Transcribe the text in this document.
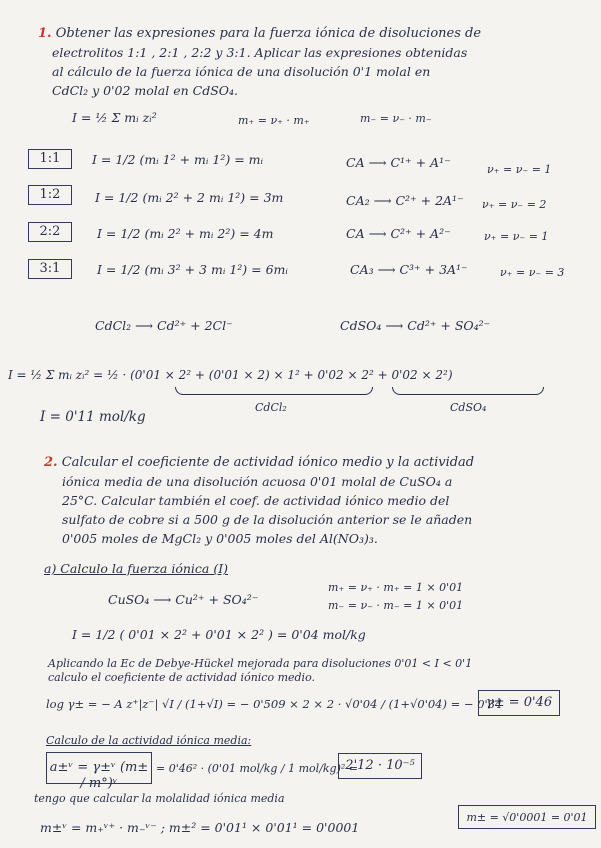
1. Obtener las expresiones para la fuerza iónica de disoluciones de
electrolitos 1:1 , 2:1 , 2:2 y 3:1. Aplicar las expresiones obtenidas
al cálculo de la fuerza iónica de una disolución 0'1 molal en
CdCl₂ y 0'02 molal en CdSO₄.
I = ½ Σ mᵢ zᵢ²	m₊ = ν₊ · m₊	m₋ = ν₋ · m₋
1:1	I = 1/2 (mᵢ 1² + mᵢ 1²) = mᵢ	CA ⟶ C¹⁺ + A¹⁻	ν₊ = ν₋ = 1
1:2	I = 1/2 (mᵢ 2² + 2 mᵢ 1²) = 3m	CA₂ ⟶ C²⁺ + 2A¹⁻ ν₊ = ν₋ = 2
2:2	I = 1/2 (mᵢ 2² + mᵢ 2²) = 4m	CA ⟶ C²⁺ + A²⁻	ν₊ = ν₋ = 1
3:1	I = 1/2 (mᵢ 3² + 3 mᵢ 1²) = 6mᵢ	CA₃ ⟶ C³⁺ + 3A¹⁻	ν₊ = ν₋ = 3
CdCl₂ ⟶ Cd²⁺ + 2Cl⁻	CdSO₄ ⟶ Cd²⁺ + SO₄²⁻
I = ½ Σ mᵢ zᵢ² = ½ · (0'01 × 2² + (0'01 × 2) × 1² + 0'02 × 2² + 0'02 × 2²)
CdCl₂	CdSO₄
I = 0'11 mol/kg
2. Calcular el coeficiente de actividad iónico medio y la actividad
iónica media de una disolución acuosa 0'01 molal de CuSO₄ a
25°C. Calcular también el coef. de actividad iónico medio del
sulfato de cobre si a 500 g de la disolución anterior se le añaden
0'005 moles de MgCl₂ y 0'005 moles del Al(NO₃)₃.
a) Calculo la fuerza iónica (I)
CuSO₄ ⟶ Cu²⁺ + SO₄²⁻
m₊ = ν₊ · m₊ = 1 × 0'01
m₋ = ν₋ · m₋ = 1 × 0'01
I = 1/2 ( 0'01 × 2² + 0'01 × 2² ) = 0'04 mol/kg
Aplicando la Ec de Debye-Hückel mejorada para disoluciones 0'01 < I < 0'1
calculo el coeficiente de actividad iónico medio.
log γ± = − A z⁺|z⁻| √I / (1+√I) = − 0'509 × 2 × 2 · √0'04 / (1+√0'04) = − 0'34
γ± = 0'46
Calculo de la actividad iónica media:
a±ᵛ = γ±ᵛ (m± / m°)ᵛ
= 0'46² · (0'01 mol/kg / 1 mol/kg)² =
2'12 · 10⁻⁵
tengo que calcular la molalidad iónica media
m±ᵛ = m₊ᵛ⁺ · m₋ᵛ⁻ ; m±² = 0'01¹ × 0'01¹ = 0'0001
m± = √0'0001 = 0'01
